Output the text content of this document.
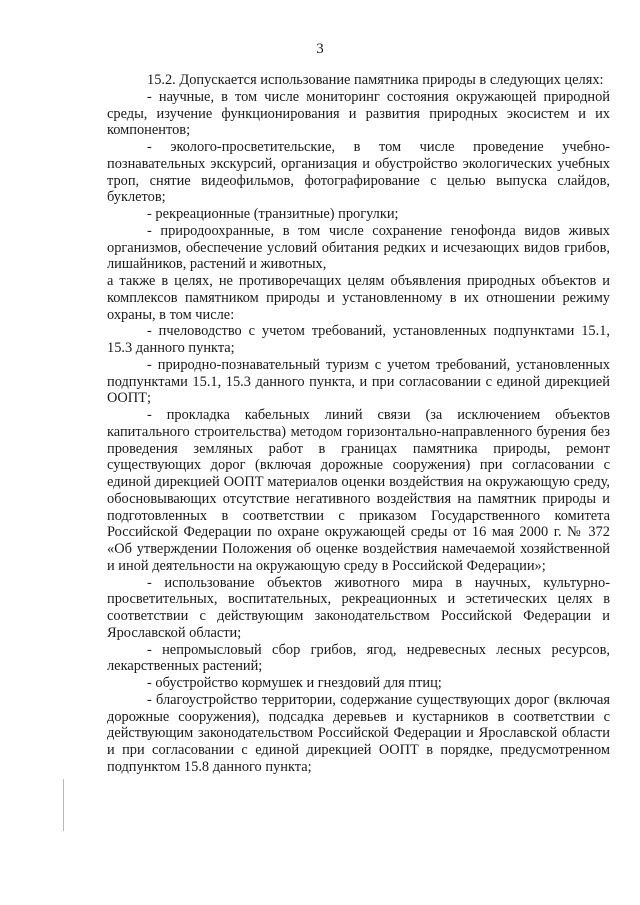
3

15.2. Допускается использование памятника природы в следующих целях:

- научные, в том числе мониторинг состояния окружающей природной среды, изучение функционирования и развития природных экосистем и их компонентов;

- эколого-просветительские, в том числе проведение учебно-познавательных экскурсий, организация и обустройство экологических учебных троп, снятие видеофильмов, фотографирование с целью выпуска слайдов, буклетов;

- рекреационные (транзитные) прогулки;

- природоохранные, в том числе сохранение генофонда видов живых организмов, обеспечение условий обитания редких и исчезающих видов грибов, лишайников, растений и животных,

а также в целях, не противоречащих целям объявления природных объектов и комплексов памятником природы и установленному в их отношении режиму охраны, в том числе:

- пчеловодство с учетом требований, установленных подпунктами 15.1, 15.3 данного пункта;

- природно-познавательный туризм с учетом требований, установленных подпунктами 15.1, 15.3 данного пункта, и при согласовании с единой дирекцией ООПТ;

- прокладка кабельных линий связи (за исключением объектов капитального строительства) методом горизонтально-направленного бурения без проведения земляных работ в границах памятника природы, ремонт существующих дорог (включая дорожные сооружения) при согласовании с единой дирекцией ООПТ материалов оценки воздействия на окружающую среду, обосновывающих отсутствие негативного воздействия на памятник природы и подготовленных в соответствии с приказом Государственного комитета Российской Федерации по охране окружающей среды от 16 мая 2000 г. № 372 «Об утверждении Положения об оценке воздействия намечаемой хозяйственной и иной деятельности на окружающую среду в Российской Федерации»;

- использование объектов животного мира в научных, культурно-просветительных, воспитательных, рекреационных и эстетических целях в соответствии с действующим законодательством Российской Федерации и Ярославской области;

- непромысловый сбор грибов, ягод, недревесных лесных ресурсов, лекарственных растений;

- обустройство кормушек и гнездовий для птиц;

- благоустройство территории, содержание существующих дорог (включая дорожные сооружения), подсадка деревьев и кустарников в соответствии с действующим законодательством Российской Федерации и Ярославской области и при согласовании с единой дирекцией ООПТ в порядке, предусмотренном подпунктом 15.8 данного пункта;
